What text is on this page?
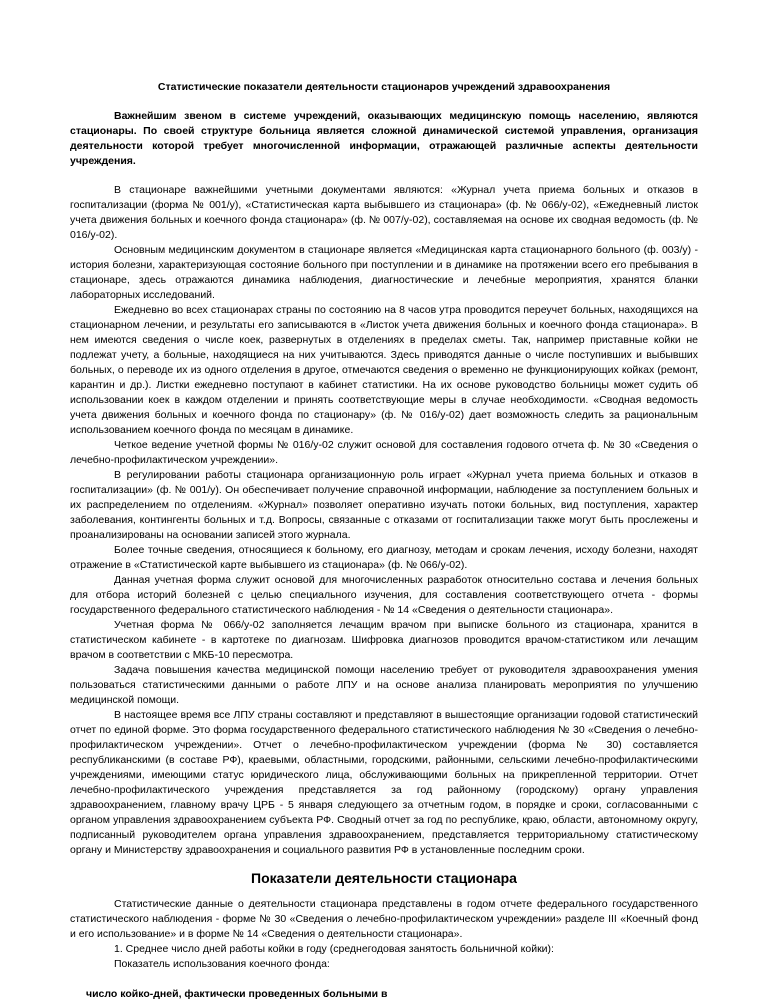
Статистические показатели деятельности стационаров учреждений здравоохранения
Важнейшим звеном в системе учреждений, оказывающих медицинскую помощь населению, являются стационары. По своей структуре больница является сложной динамической системой управления, организация деятельности которой требует многочисленной информации, отражающей различные аспекты деятельности учреждения.
В стационаре важнейшими учетными документами являются: «Журнал учета приема больных и отказов в госпитализации (форма № 001/у), «Статистическая карта выбывшего из стационара» (ф. № 066/у-02), «Ежедневный листок учета движения больных и коечного фонда стационара» (ф. № 007/у-02), составляемая на основе их сводная ведомость (ф. № 016/у-02).
Основным медицинским документом в стационаре является «Медицинская карта стационарного больного (ф. 003/у) - история болезни, характеризующая состояние больного при поступлении и в динамике на протяжении всего его пребывания в стационаре, здесь отражаются динамика наблюдения, диагностические и лечебные мероприятия, хранятся бланки лабораторных исследований.
Ежедневно во всех стационарах страны по состоянию на 8 часов утра проводится переучет больных, находящихся на стационарном лечении, и результаты его записываются в «Листок учета движения больных и коечного фонда стационара». В нем имеются сведения о числе коек, развернутых в отделениях в пределах сметы. Так, например приставные койки не подлежат учету, а больные, находящиеся на них учитываются. Здесь приводятся данные о числе поступивших и выбывших больных, о переводе их из одного отделения в другое, отмечаются сведения о временно не функционирующих койках (ремонт, карантин и др.). Листки ежедневно поступают в кабинет статистики. На их основе руководство больницы может судить об использовании коек в каждом отделении и принять соответствующие меры в случае необходимости. «Сводная ведомость учета движения больных и коечного фонда по стационару» (ф. № 016/у-02) дает возможность следить за рациональным использованием коечного фонда по месяцам в динамике.
Четкое ведение учетной формы № 016/у-02 служит основой для составления годового отчета ф. № 30 «Сведения о лечебно-профилактическом учреждении».
В регулировании работы стационара организационную роль играет «Журнал учета приема больных и отказов в госпитализации» (ф. № 001/у). Он обеспечивает получение справочной информации, наблюдение за поступлением больных и их распределением по отделениям. «Журнал» позволяет оперативно изучать потоки больных, вид поступления, характер заболевания, контингенты больных и т.д. Вопросы, связанные с отказами от госпитализации также могут быть прослежены и проанализированы на основании записей этого журнала.
Более точные сведения, относящиеся к больному, его диагнозу, методам и срокам лечения, исходу болезни, находят отражение в «Статистической карте выбывшего из стационара» (ф. № 066/у-02).
Данная учетная форма служит основой для многочисленных разработок относительно состава и лечения больных для отбора историй болезней с целью специального изучения, для составления соответствующего отчета - формы государственного федерального статистического наблюдения - № 14 «Сведения о деятельности стационара».
Учетная форма № 066/у-02 заполняется лечащим врачом при выписке больного из стационара, хранится в статистическом кабинете - в картотеке по диагнозам. Шифровка диагнозов проводится врачом-статистиком или лечащим врачом в соответствии с МКБ-10 пересмотра.
Задача повышения качества медицинской помощи населению требует от руководителя здравоохранения умения пользоваться статистическими данными о работе ЛПУ и на основе анализа планировать мероприятия по улучшению медицинской помощи.
В настоящее время все ЛПУ страны составляют и представляют в вышестоящие организации годовой статистический отчет по единой форме. Это форма государственного федерального статистического наблюдения № 30 «Сведения о лечебно-профилактическом учреждении». Отчет о лечебно-профилактическом учреждении (форма № 30) составляется республиканскими (в составе РФ), краевыми, областными, городскими, районными, сельскими лечебно-профилактическими учреждениями, имеющими статус юридического лица, обслуживающими больных на прикрепленной территории. Отчет лечебно-профилактического учреждения представляется за год районному (городскому) органу управления здравоохранением, главному врачу ЦРБ - 5 января следующего за отчетным годом, в порядке и сроки, согласованными с органом управления здравоохранением субъекта РФ. Сводный отчет за год по республике, краю, области, автономному округу, подписанный руководителем органа управления здравоохранением, представляется территориальному статистическому органу и Министерству здравоохранения и социального развития РФ в установленные последним сроки.
Показатели деятельности стационара
Статистические данные о деятельности стационара представлены в годом отчете федерального государственного статистического наблюдения - форме № 30 «Сведения о лечебно-профилактическом учреждении» разделе III «Коечный фонд и его использование» и в форме № 14 «Сведения о деятельности стационара».
1. Среднее число дней работы койки в году (среднегодовая занятость больничной койки):
Показатель использования коечного фонда:
число койко-дней, фактически проведенных больными в
